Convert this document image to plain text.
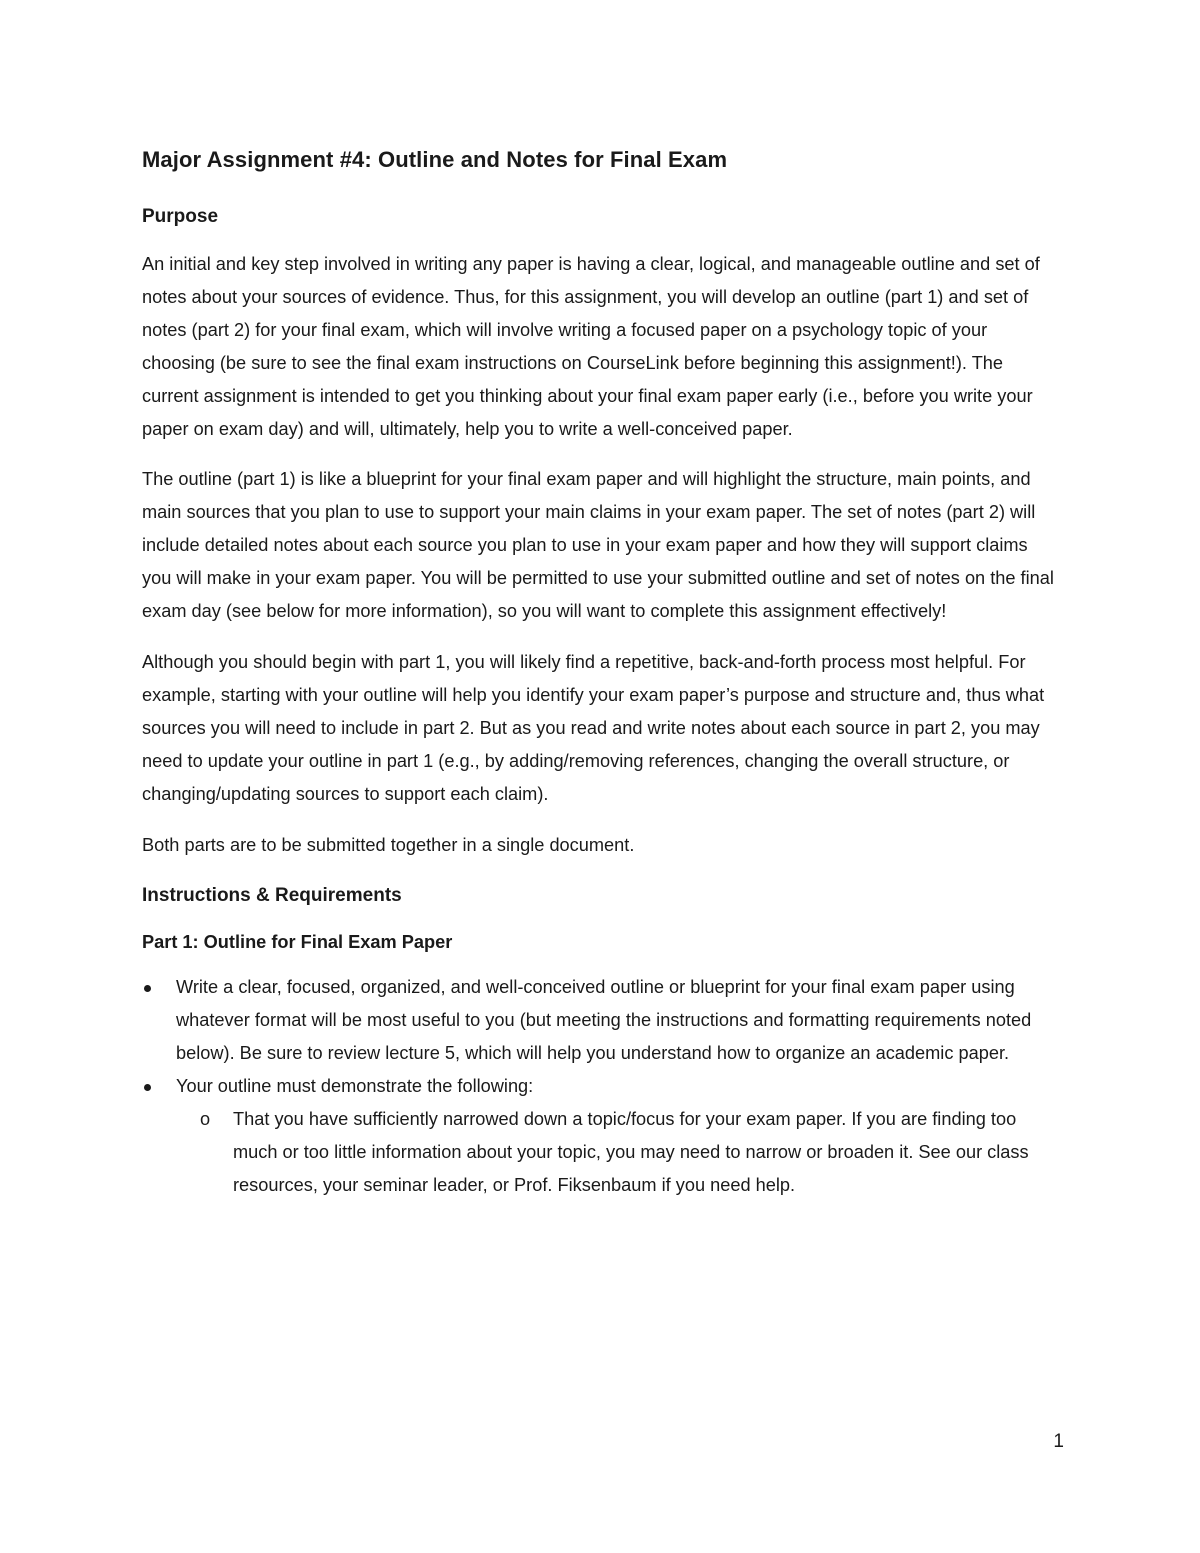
Major Assignment #4: Outline and Notes for Final Exam
Purpose

An initial and key step involved in writing any paper is having a clear, logical, and manageable outline and set of notes about your sources of evidence. Thus, for this assignment, you will develop an outline (part 1) and set of notes (part 2) for your final exam, which will involve writing a focused paper on a psychology topic of your choosing (be sure to see the final exam instructions on CourseLink before beginning this assignment!). The current assignment is intended to get you thinking about your final exam paper early (i.e., before you write your paper on exam day) and will, ultimately, help you to write a well-conceived paper.

The outline (part 1) is like a blueprint for your final exam paper and will highlight the structure, main points, and main sources that you plan to use to support your main claims in your exam paper. The set of notes (part 2) will include detailed notes about each source you plan to use in your exam paper and how they will support claims you will make in your exam paper. You will be permitted to use your submitted outline and set of notes on the final exam day (see below for more information), so you will want to complete this assignment effectively!

Although you should begin with part 1, you will likely find a repetitive, back-and-forth process most helpful. For example, starting with your outline will help you identify your exam paper’s purpose and structure and, thus what sources you will need to include in part 2. But as you read and write notes about each source in part 2, you may need to update your outline in part 1 (e.g., by adding/removing references, changing the overall structure, or changing/updating sources to support each claim).

Both parts are to be submitted together in a single document.

Instructions & Requirements
Part 1: Outline for Final Exam Paper
Write a clear, focused, organized, and well-conceived outline or blueprint for your final exam paper using whatever format will be most useful to you (but meeting the instructions and formatting requirements noted below). Be sure to review lecture 5, which will help you understand how to organize an academic paper.
Your outline must demonstrate the following:
o That you have sufficiently narrowed down a topic/focus for your exam paper. If you are finding too much or too little information about your topic, you may need to narrow or broaden it. See our class resources, your seminar leader, or Prof. Fiksenbaum if you need help.
1
